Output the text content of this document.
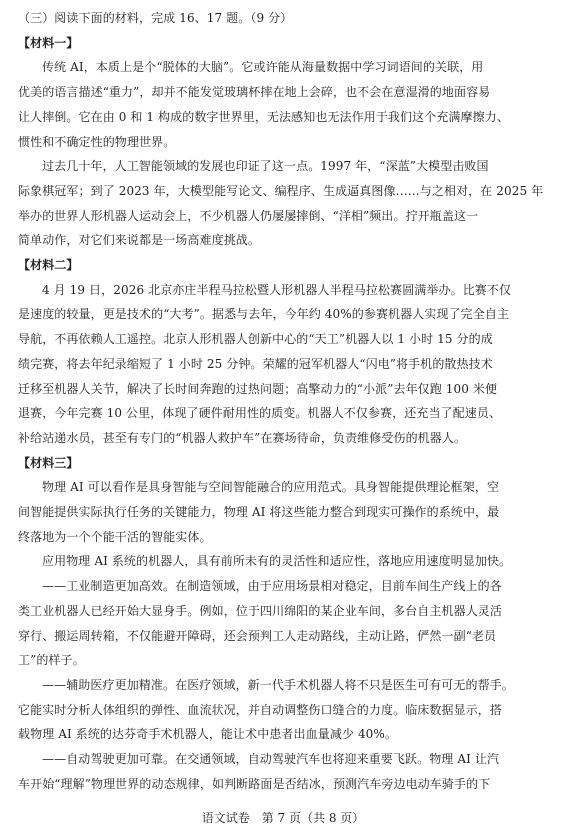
（三）阅读下面的材料，完成 16、17 题。（9 分）
【材料一】
传统 AI，本质上是个“脱体的大脑”。它或许能从海量数据中学习词语间的关联，用
优美的语言描述“重力”，却并不能发觉玻璃杯摔在地上会碎，也不会在意湿滑的地面容易
让人摔倒。它在由 0 和 1 构成的数字世界里，无法感知也无法作用于我们这个充满摩擦力、
惯性和不确定性的物理世界。
过去几十年，人工智能领域的发展也印证了这一点。1997 年，“深蓝”大模型击败国
际象棋冠军；到了 2023 年，大模型能写论文、编程序、生成逼真图像……与之相对，在 2025 年
举办的世界人形机器人运动会上，不少机器人仍屡屡摔倒、“洋相”频出。拧开瓶盖这一
简单动作，对它们来说都是一场高难度挑战。
【材料二】
4 月 19 日，2026 北京亦庄半程马拉松暨人形机器人半程马拉松赛圆满举办。比赛不仅
是速度的较量，更是技术的“大考”。据悉与去年，今年约 40%的参赛机器人实现了完全自主
导航，不再依赖人工遥控。北京人形机器人创新中心的“天工”机器人以 1 小时 15 分的成
绩完赛，将去年纪录缩短了 1 小时 25 分钟。荣耀的冠军机器人“闪电”将手机的散热技术
迁移至机器人关节，解决了长时间奔跑的过热问题；高擎动力的“小派”去年仅跑 100 米便
退赛，今年完赛 10 公里，体现了硬件耐用性的质变。机器人不仅参赛，还充当了配速员、
补给站递水员，甚至有专门的“机器人救护车”在赛场待命，负责维修受伤的机器人。
【材料三】
物理 AI 可以看作是具身智能与空间智能融合的应用范式。具身智能提供理论框架，空
间智能提供实际执行任务的关键能力，物理 AI 将这些能力整合到现实可操作的系统中，最
终落地为一个个能干活的智能实体。
应用物理 AI 系统的机器人，具有前所未有的灵活性和适应性，落地应用速度明显加快。
——工业制造更加高效。在制造领域，由于应用场景相对稳定，目前车间生产线上的各
类工业机器人已经开始大显身手。例如，位于四川绵阳的某企业车间，多台自主机器人灵活
穿行、搬运周转箱，不仅能避开障碍，还会预判工人走动路线，主动让路，俨然一副“老员
工”的样子。
——辅助医疗更加精准。在医疗领域，新一代手术机器人将不只是医生可有可无的帮手。
它能实时分析人体组织的弹性、血流状况，并自动调整伤口缝合的力度。临床数据显示，搭
载物理 AI 系统的达芬奇手术机器人，能让术中患者出血量减少 40%。
——自动驾驶更加可靠。在交通领域，自动驾驶汽车也将迎来重要飞跃。物理 AI 让汽
车开始“理解”物理世界的动态规律，如判断路面是否结冰，预测汽车旁边电动车骑手的下
语文试卷　第 7 页（共 8 页）
